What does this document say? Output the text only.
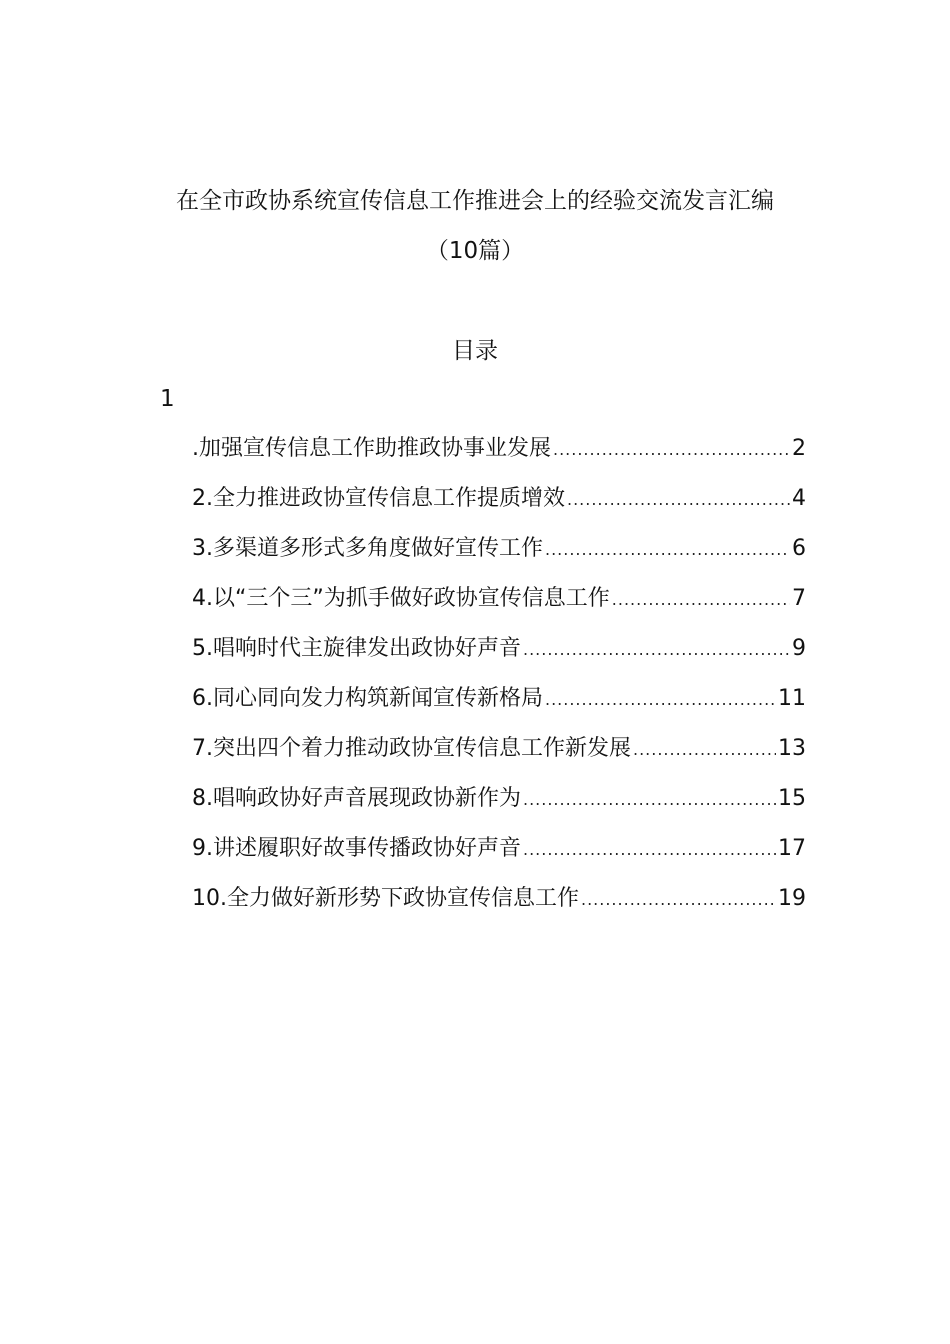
在全市政协系统宣传信息工作推进会上的经验交流发言汇编
（10篇）
目录
1
.加强宣传信息工作助推政协事业发展 .....	2
2.全力推进政协宣传信息工作提质增效 .....	4
3.多渠道多形式多角度做好宣传工作 .....	6
4.以“三个三”为抓手做好政协宣传信息工作 .....	7
5.唱响时代主旋律发出政协好声音 .....	9
6.同心同向发力构筑新闻宣传新格局 .....	11
7.突出四个着力推动政协宣传信息工作新发展 .....	13
8.唱响政协好声音展现政协新作为 .....	15
9.讲述履职好故事传播政协好声音 .....	17
10.全力做好新形势下政协宣传信息工作 .....	19
